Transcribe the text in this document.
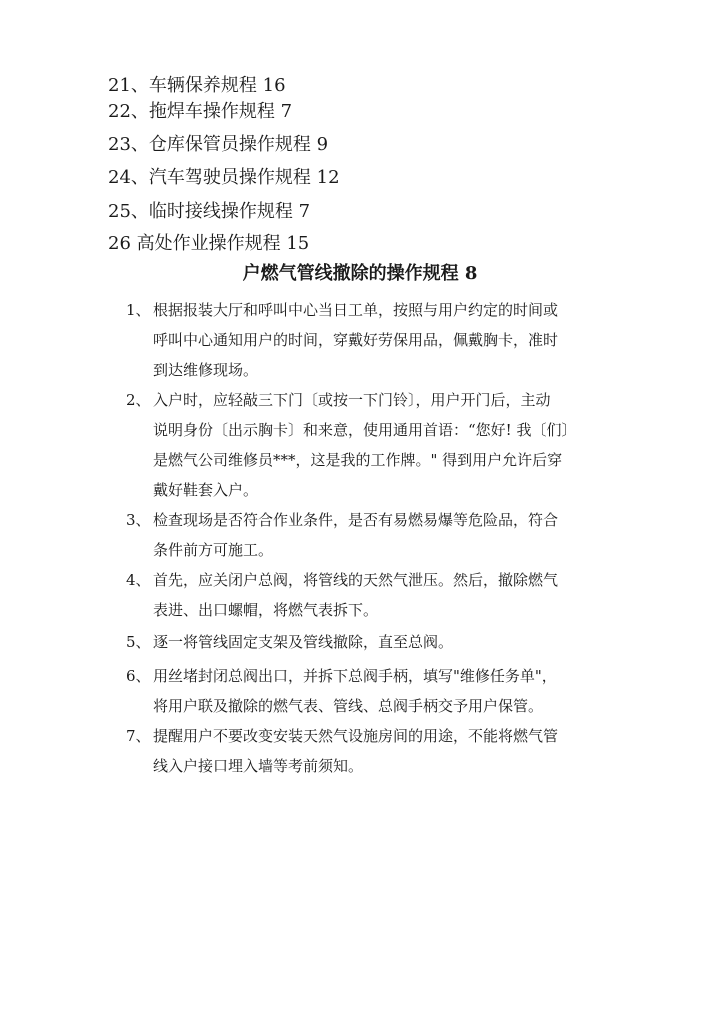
21、车辆保养规程 16
22、拖焊车操作规程 7
23、仓库保管员操作规程 9
24、汽车驾驶员操作规程 12
25、临时接线操作规程 7
26 高处作业操作规程 15
户燃气管线撤除的操作规程 8
1、 根据报装大厅和呼叫中心当日工单，按照与用户约定的时间或
呼叫中心通知用户的时间，穿戴好劳保用品，佩戴胸卡，准时
到达维修现场。
2、 入户时，应轻敲三下门〔或按一下门铃〕，用户开门后，主动
说明身份〔出示胸卡〕和来意，使用通用首语：“您好! 我〔们〕
是燃气公司维修员***，这是我的工作牌。" 得到用户允许后穿
戴好鞋套入户。
3、 检查现场是否符合作业条件，是否有易燃易爆等危险品，符合
条件前方可施工。
4、 首先，应关闭户总阀，将管线的天然气泄压。然后，撤除燃气
表进、出口螺帽，将燃气表拆下。
5、 逐一将管线固定支架及管线撤除，直至总阀。
6、 用丝堵封闭总阀出口，并拆下总阀手柄，填写"维修任务单"，
将用户联及撤除的燃气表、管线、总阀手柄交予用户保管。
7、 提醒用户不要改变安装天然气设施房间的用途，不能将燃气管
线入户接口埋入墙等考前须知。
